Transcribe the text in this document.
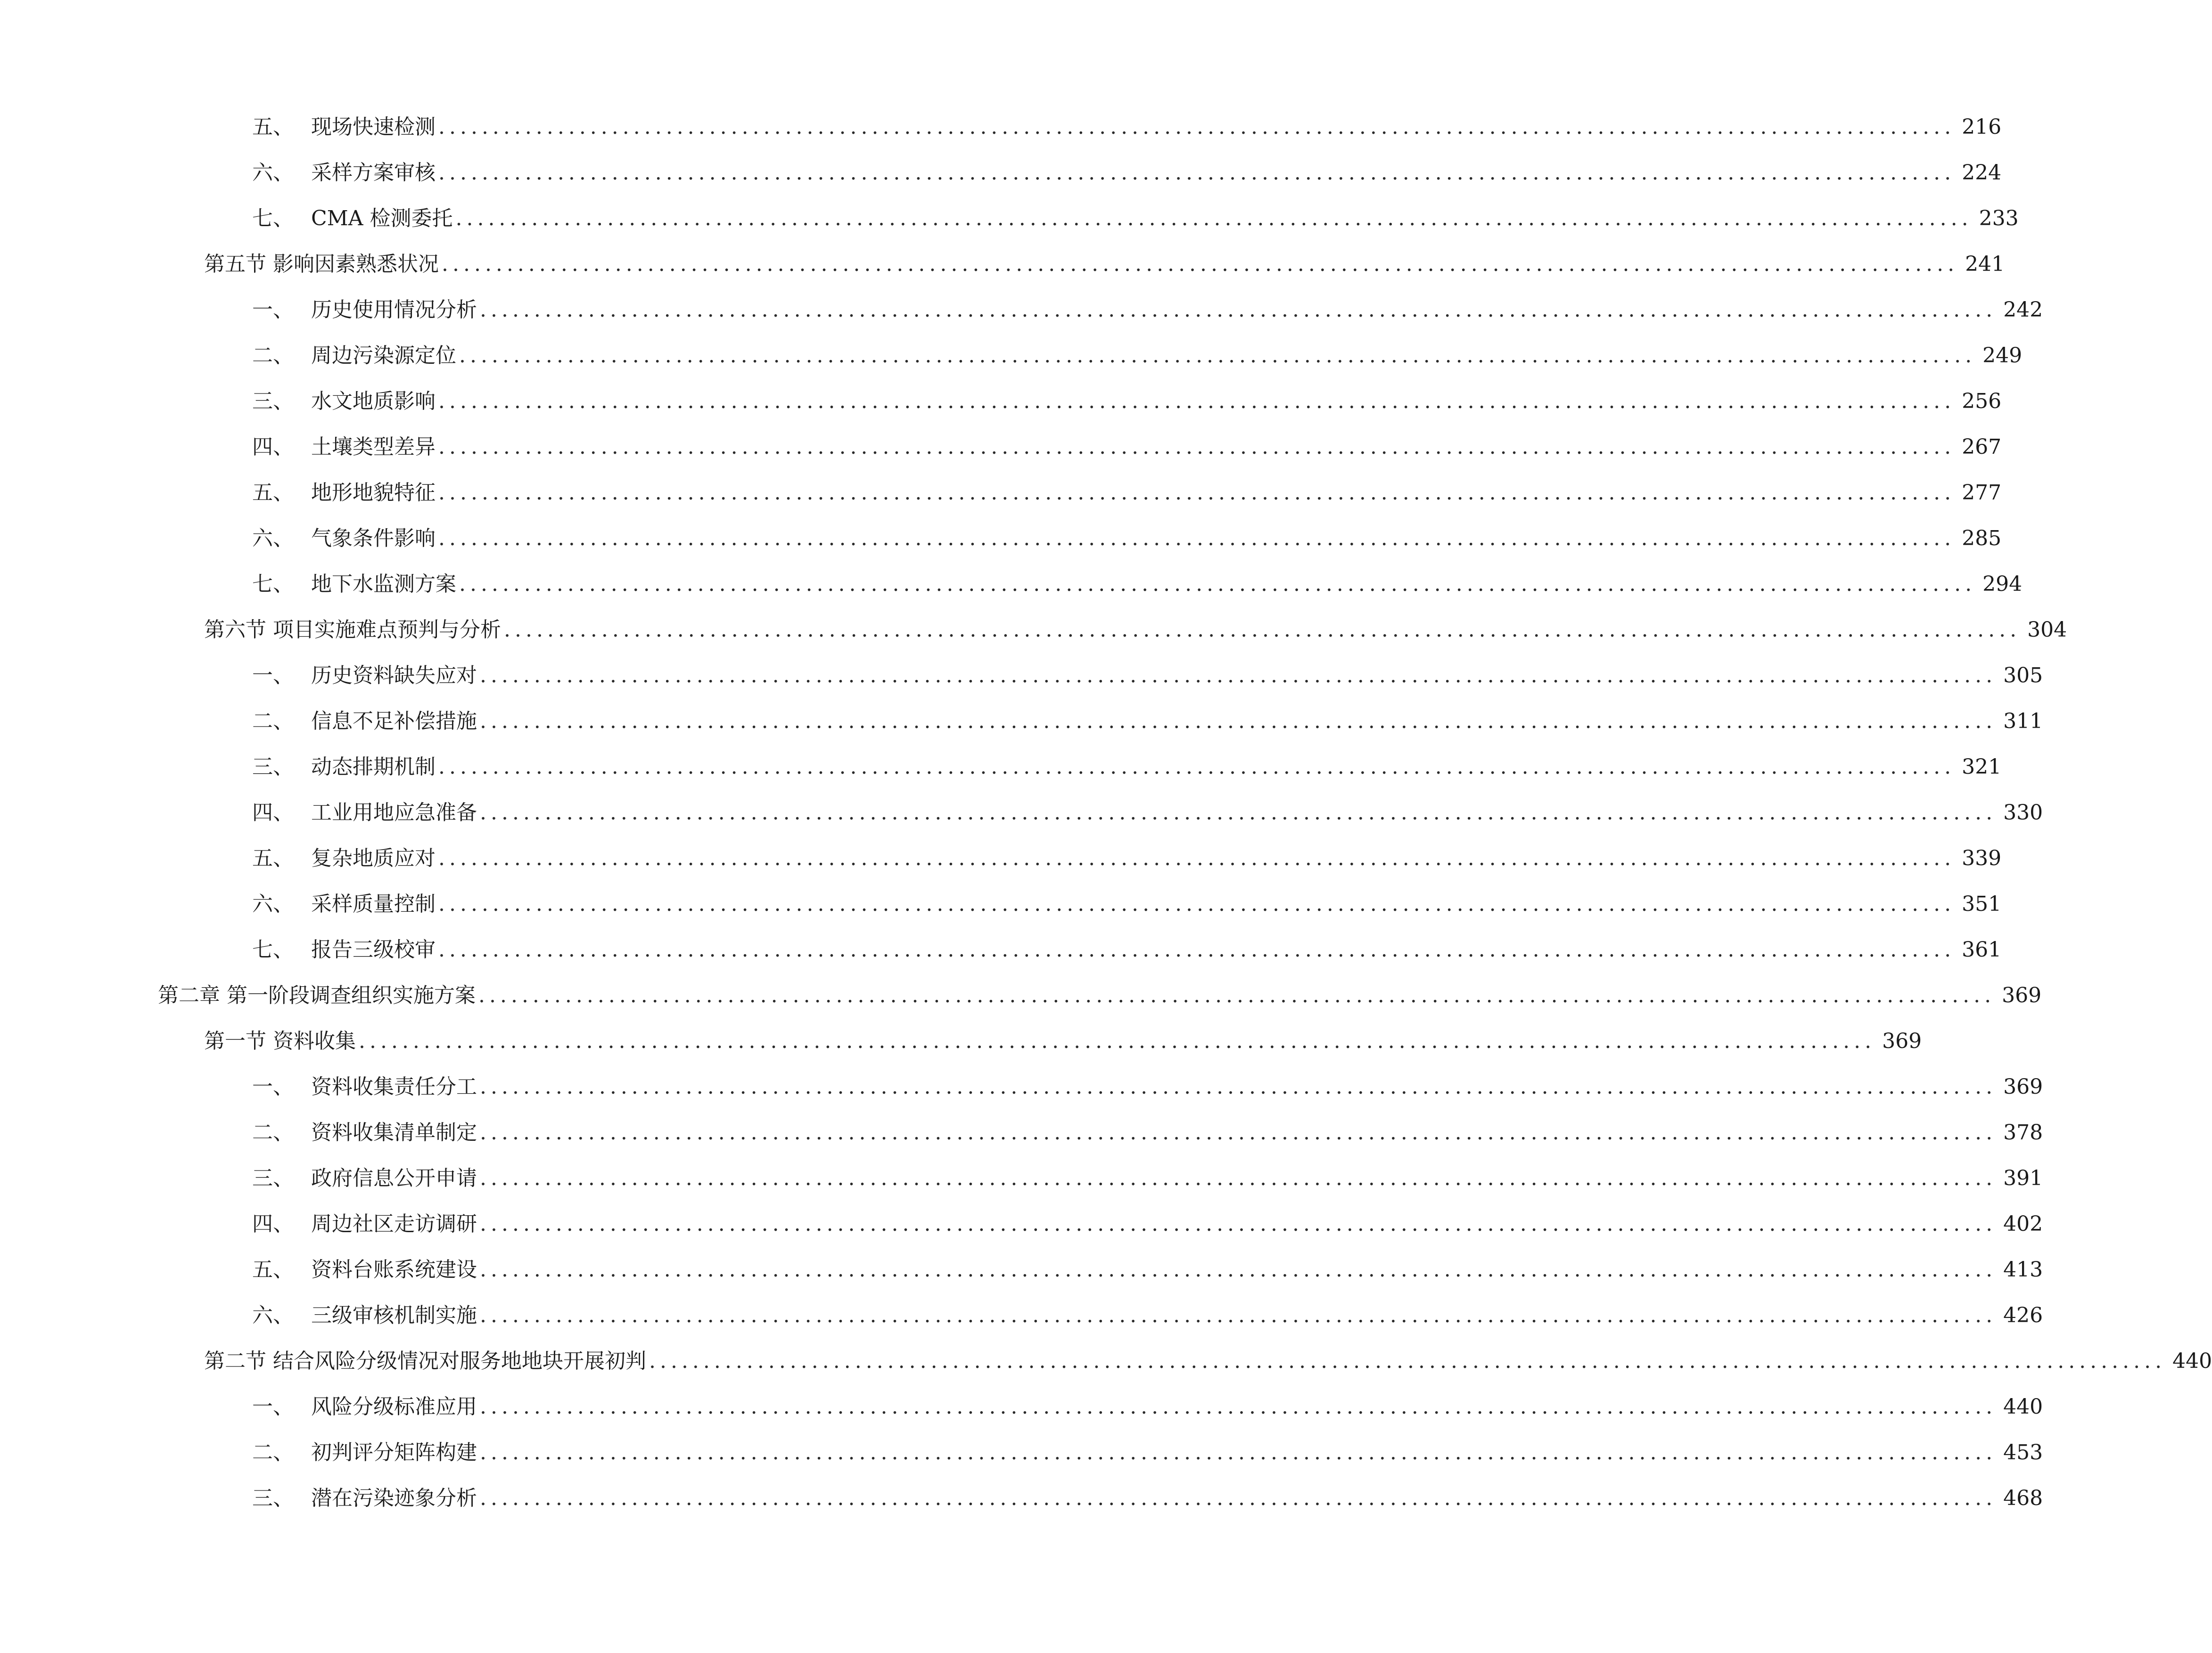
五、 现场快速检测 ............................................................................................................................................ 216
六、 采样方案审核 ............................................................................................................................................ 224
七、 CMA 检测委托 ............................................................................................................................................ 233
第五节 影响因素熟悉状况 ............................................................................................................................................ 241
一、 历史使用情况分析 ............................................................................................................................................ 242
二、 周边污染源定位 ............................................................................................................................................ 249
三、 水文地质影响 ............................................................................................................................................ 256
四、 土壤类型差异 ............................................................................................................................................ 267
五、 地形地貌特征 ............................................................................................................................................ 277
六、 气象条件影响 ............................................................................................................................................ 285
七、 地下水监测方案 ............................................................................................................................................ 294
第六节 项目实施难点预判与分析 ............................................................................................................................................ 304
一、 历史资料缺失应对 ............................................................................................................................................ 305
二、 信息不足补偿措施 ............................................................................................................................................ 311
三、 动态排期机制 ............................................................................................................................................ 321
四、 工业用地应急准备 ............................................................................................................................................ 330
五、 复杂地质应对 ............................................................................................................................................ 339
六、 采样质量控制 ............................................................................................................................................ 351
七、 报告三级校审 ............................................................................................................................................ 361
第二章 第一阶段调查组织实施方案 ............................................................................................................................................ 369
第一节 资料收集 ............................................................................................................................................ 369
一、 资料收集责任分工 ............................................................................................................................................ 369
二、 资料收集清单制定 ............................................................................................................................................ 378
三、 政府信息公开申请 ............................................................................................................................................ 391
四、 周边社区走访调研 ............................................................................................................................................ 402
五、 资料台账系统建设 ............................................................................................................................................ 413
六、 三级审核机制实施 ............................................................................................................................................ 426
第二节 结合风险分级情况对服务地地块开展初判 ............................................................................................................................................ 440
一、 风险分级标准应用 ............................................................................................................................................ 440
二、 初判评分矩阵构建 ............................................................................................................................................ 453
三、 潜在污染迹象分析 ............................................................................................................................................ 468
